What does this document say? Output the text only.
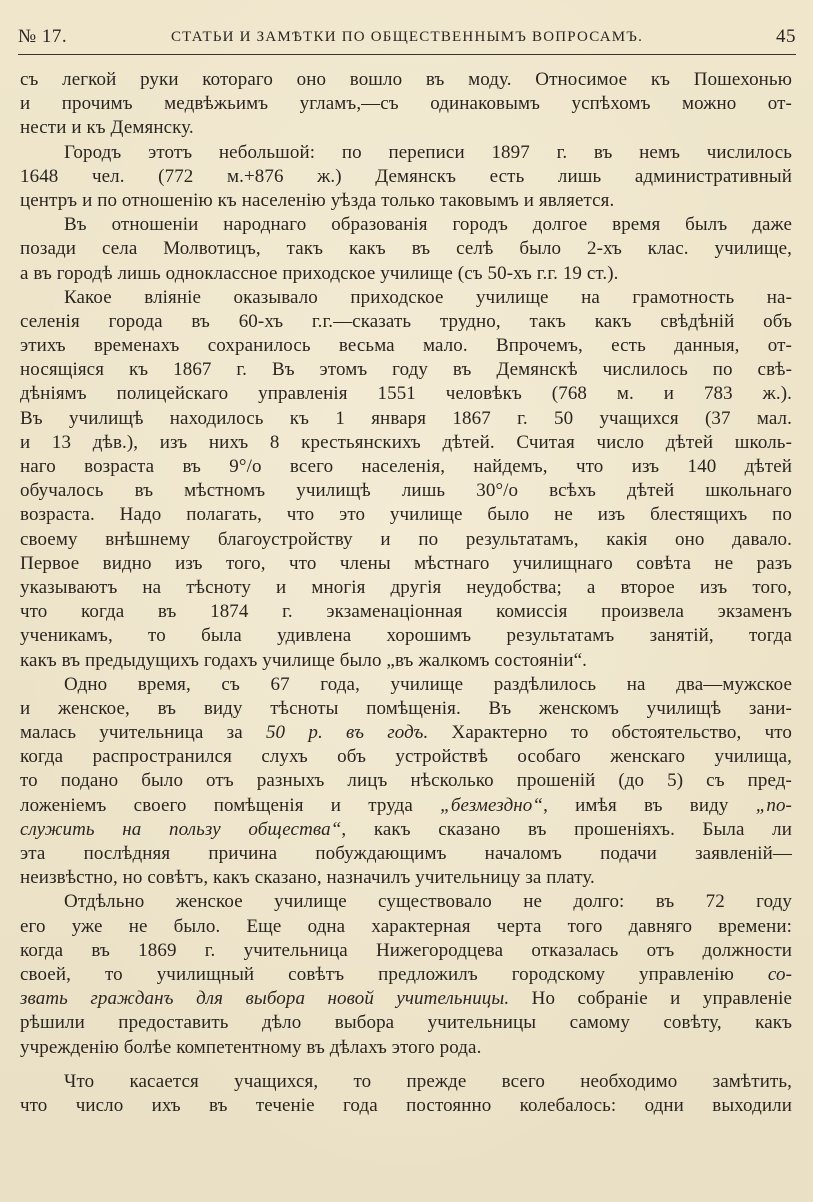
№ 17.	СТАТЬИ И ЗАМѢТКИ ПО ОБЩЕСТВЕННЫМЪ ВОПРОСАМЪ.	45
съ легкой руки котораго оно вошло въ моду. Относимое къ Пошехонью
и прочимъ медвѣжьимъ угламъ,—съ одинаковымъ успѣхомъ можно от-
нести и къ Демянску.
Городъ этотъ небольшой: по переписи 1897 г. въ немъ числилось
1648 чел. (772 м.+876 ж.) Демянскъ есть лишь административный
центръ и по отношенію къ населенію уѣзда только таковымъ и является.
Въ отношеніи народнаго образованія городъ долгое время былъ даже
позади села Молвотицъ, такъ какъ въ селѣ было 2-хъ клас. училище,
а въ городѣ лишь одноклассное приходское училище (съ 50-хъ г.г. 19 ст.).
Какое вліяніе оказывало приходское училище на грамотность на-
селенія города въ 60-хъ г.г.—сказать трудно, такъ какъ свѣдѣній объ
этихъ временахъ сохранилось весьма мало. Впрочемъ, есть данныя, от-
носящіяся къ 1867 г. Въ этомъ году въ Демянскѣ числилось по свѣ-
дѣніямъ полицейскаго управленія 1551 человѣкъ (768 м. и 783 ж.).
Въ училищѣ находилось къ 1 января 1867 г. 50 учащихся (37 мал.
и 13 дѣв.), изъ нихъ 8 крестьянскихъ дѣтей. Считая число дѣтей школь-
наго возраста въ 9°/о всего населенія, найдемъ, что изъ 140 дѣтей
обучалось въ мѣстномъ училищѣ лишь 30°/о всѣхъ дѣтей школьнаго
возраста. Надо полагать, что это училище было не изъ блестящихъ по
своему внѣшнему благоустройству и по результатамъ, какія оно давало.
Первое видно изъ того, что члены мѣстнаго училищнаго совѣта не разъ
указываютъ на тѣсноту и многія другія неудобства; а второе изъ того,
что когда въ 1874 г. экзаменаціонная комиссія произвела экзаменъ
ученикамъ, то была удивлена хорошимъ результатамъ занятій, тогда
какъ въ предыдущихъ годахъ училище было „въ жалкомъ состояніи“.
Одно время, съ 67 года, училище раздѣлилось на два—мужское
и женское, въ виду тѣсноты помѣщенія. Въ женскомъ училищѣ зани-
малась учительница за 50 р. въ годъ. Характерно то обстоятельство, что
когда распространился слухъ объ устройствѣ особаго женскаго училища,
то подано было отъ разныхъ лицъ нѣсколько прошеній (до 5) съ пред-
ложеніемъ своего помѣщенія и труда „безмездно“, имѣя въ виду „по-
служить на пользу общества“, какъ сказано въ прошеніяхъ. Была ли
эта послѣдняя причина побуждающимъ началомъ подачи заявленій—
неизвѣстно, но совѣтъ, какъ сказано, назначилъ учительницу за плату.
Отдѣльно женское училище существовало не долго: въ 72 году
его уже не было. Еще одна характерная черта того давняго времени:
когда въ 1869 г. учительница Нижегородцева отказалась отъ должности
своей, то училищный совѣтъ предложилъ городскому управленію со-
звать гражданъ для выбора новой учительницы. Но собраніе и управленіе
рѣшили предоставить дѣло выбора учительницы самому совѣту, какъ
учрежденію болѣе компетентному въ дѣлахъ этого рода.
Что касается учащихся, то прежде всего необходимо замѣтить,
что число ихъ въ теченіе года постоянно колебалось: одни выходили
